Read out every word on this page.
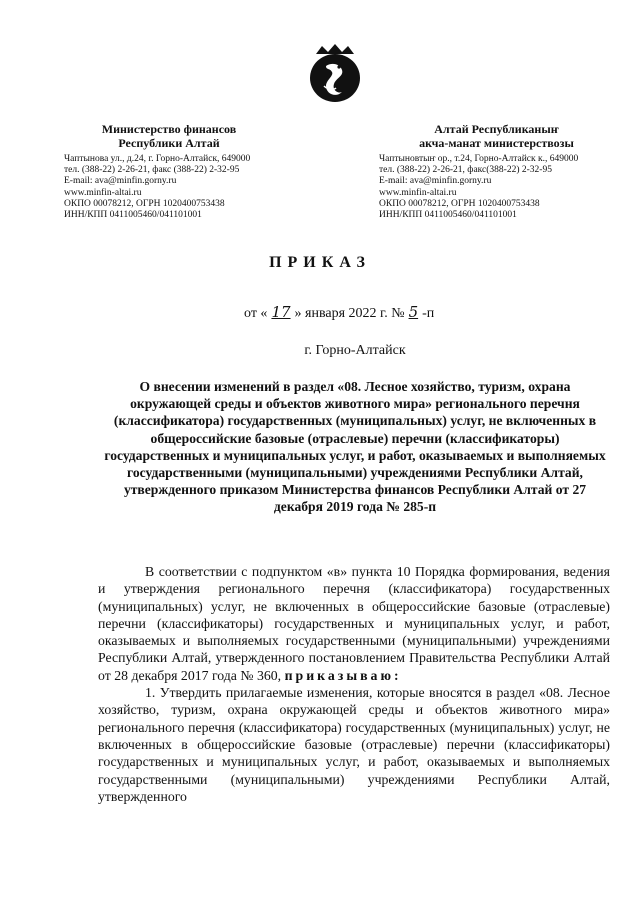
Министерство финансов
Республики Алтай
Чаптынова ул., д.24, г. Горно-Алтайск, 649000
тел. (388-22) 2-26-21, факс (388-22) 2-32-95
E-mail: ava@minfin.gorny.ru
www.minfin-altai.ru
ОКПО 00078212, ОГРН 1020400753438
ИНН/КПП 0411005460/041101001
Алтай Республиканыҥ
акча-манат министерствозы
Чаптыновтыҥ ор., т.24, Горно-Алтайск к., 649000
тел. (388-22) 2-26-21, факс(388-22) 2-32-95
E-mail: ava@minfin.gorny.ru
www.minfin-altai.ru
ОКПО 00078212, ОГРН 1020400753438
ИНН/КПП 0411005460/041101001
ПРИКАЗ
от « 17 » января 2022 г. № 5 -п
г. Горно-Алтайск
О внесении изменений в раздел «08. Лесное хозяйство, туризм, охрана окружающей среды и объектов животного мира» регионального перечня (классификатора) государственных (муниципальных) услуг, не включенных в общероссийские базовые (отраслевые) перечни (классификаторы) государственных и муниципальных услуг, и работ, оказываемых и выполняемых государственными (муниципальными) учреждениями Республики Алтай, утвержденного приказом Министерства финансов Республики Алтай от 27 декабря 2019 года № 285-п

В соответствии с подпунктом «в» пункта 10 Порядка формирования, ведения и утверждения регионального перечня (классификатора) государственных (муниципальных) услуг, не включенных в общероссийские базовые (отраслевые) перечни (классификаторы) государственных и муниципальных услуг, и работ, оказываемых и выполняемых государственными (муниципальными) учреждениями Республики Алтай, утвержденного постановлением Правительства Республики Алтай от 28 декабря 2017 года № 360, приказываю:

1. Утвердить прилагаемые изменения, которые вносятся в раздел «08. Лесное хозяйство, туризм, охрана окружающей среды и объектов животного мира» регионального перечня (классификатора) государственных (муниципальных) услуг, не включенных в общероссийские базовые (отраслевые) перечни (классификаторы) государственных и муниципальных услуг, и работ, оказываемых и выполняемых государственными (муниципальными) учреждениями Республики Алтай, утвержденного
